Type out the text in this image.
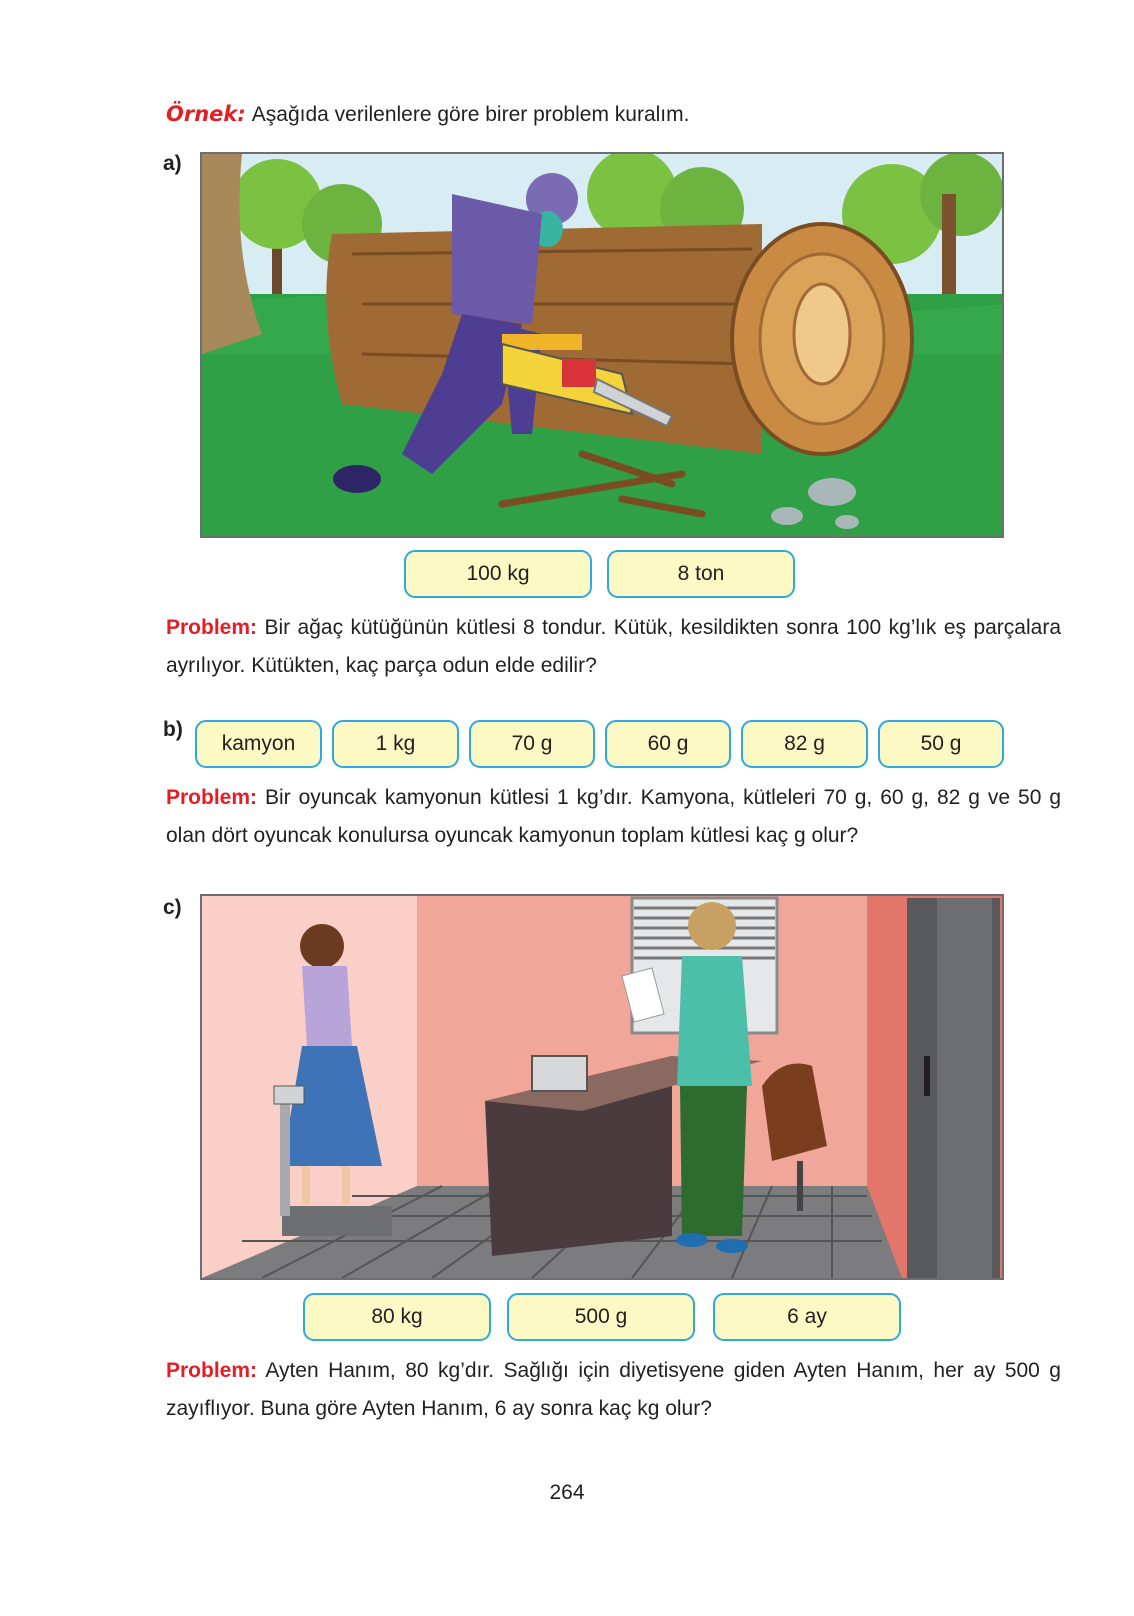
Örnek: Aşağıda verilenlere göre birer problem kuralım.
a)
100 kg	8 ton
Problem: Bir ağaç kütüğünün kütlesi 8 tondur. Kütük, kesildikten sonra 100 kg’lık eş parçalara ayrılıyor. Kütükten, kaç parça odun elde edilir?
b)
kamyon	1 kg	70 g	60 g	82 g	50 g
Problem: Bir oyuncak kamyonun kütlesi 1 kg’dır. Kamyona, kütleleri 70 g, 60 g, 82 g ve 50 g olan dört oyuncak konulursa oyuncak kamyonun toplam kütlesi kaç g olur?
c)
80 kg	500 g	6 ay
Problem: Ayten Hanım, 80 kg’dır. Sağlığı için diyetisyene giden Ayten Hanım, her ay 500 g zayıflıyor. Buna göre Ayten Hanım, 6 ay sonra kaç kg olur?
264
